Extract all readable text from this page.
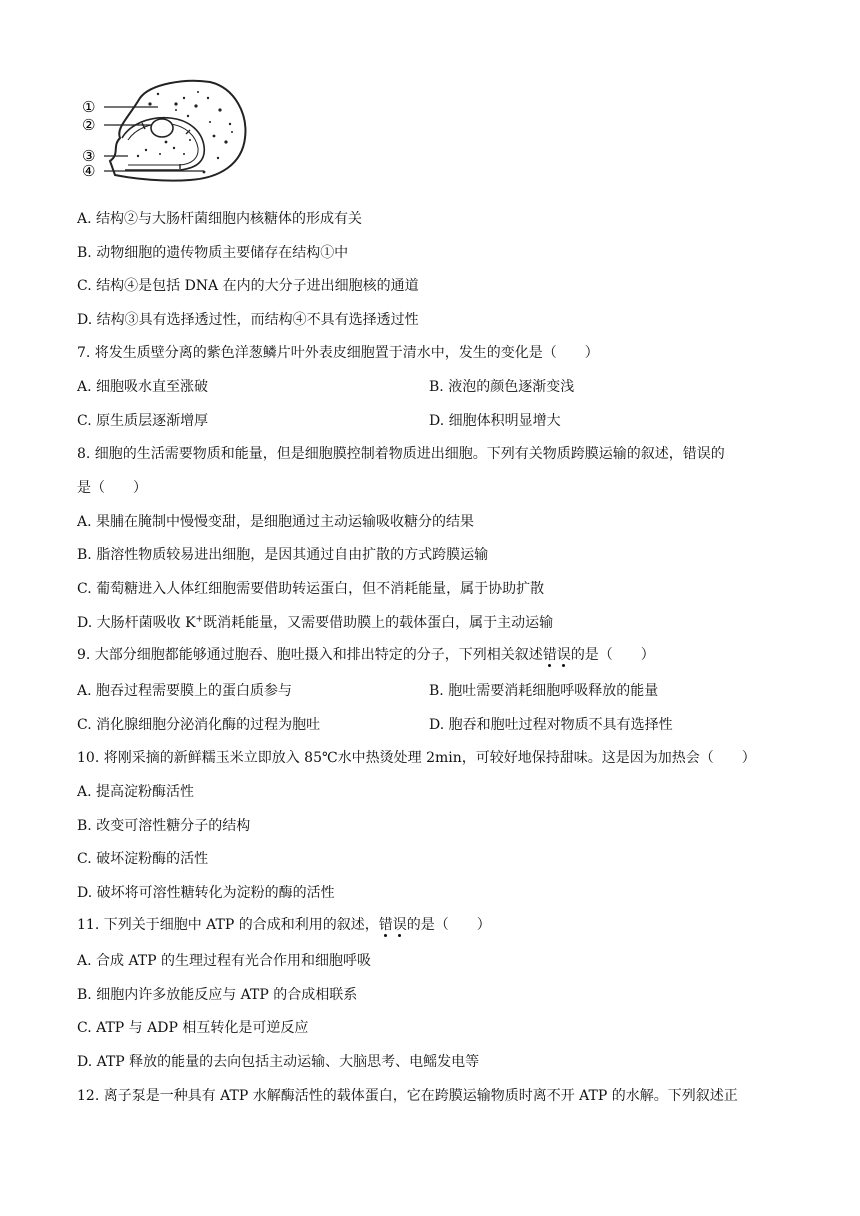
①
②
③
④
A. 结构②与大肠杆菌细胞内核糖体的形成有关
B. 动物细胞的遗传物质主要储存在结构①中
C. 结构④是包括 DNA 在内的大分子进出细胞核的通道
D. 结构③具有选择透过性，而结构④不具有选择透过性
7. 将发生质壁分离的紫色洋葱鳞片叶外表皮细胞置于清水中，发生的变化是（　　）
A. 细胞吸水直至涨破	B. 液泡的颜色逐渐变浅
C. 原生质层逐渐增厚	D. 细胞体积明显增大
8. 细胞的生活需要物质和能量，但是细胞膜控制着物质进出细胞。下列有关物质跨膜运输的叙述，错误的
是（　　）
A. 果脯在腌制中慢慢变甜，是细胞通过主动运输吸收糖分的结果
B. 脂溶性物质较易进出细胞，是因其通过自由扩散的方式跨膜运输
C. 葡萄糖进入人体红细胞需要借助转运蛋白，但不消耗能量，属于协助扩散
D. 大肠杆菌吸收 K+既消耗能量，又需要借助膜上的载体蛋白，属于主动运输
9. 大部分细胞都能够通过胞吞、胞吐摄入和排出特定的分子，下列相关叙述错误的是（　　）
A. 胞吞过程需要膜上的蛋白质参与	B. 胞吐需要消耗细胞呼吸释放的能量
C. 消化腺细胞分泌消化酶的过程为胞吐	D. 胞吞和胞吐过程对物质不具有选择性
10. 将刚采摘的新鲜糯玉米立即放入 85℃水中热烫处理 2min，可较好地保持甜味。这是因为加热会（　　）
A. 提高淀粉酶活性
B. 改变可溶性糖分子的结构
C. 破坏淀粉酶的活性
D. 破坏将可溶性糖转化为淀粉的酶的活性
11. 下列关于细胞中 ATP 的合成和利用的叙述，错误的是（　　）
A. 合成 ATP 的生理过程有光合作用和细胞呼吸
B. 细胞内许多放能反应与 ATP 的合成相联系
C. ATP 与 ADP 相互转化是可逆反应
D. ATP 释放的能量的去向包括主动运输、大脑思考、电鳐发电等
12. 离子泵是一种具有 ATP 水解酶活性的载体蛋白，它在跨膜运输物质时离不开 ATP 的水解。下列叙述正
